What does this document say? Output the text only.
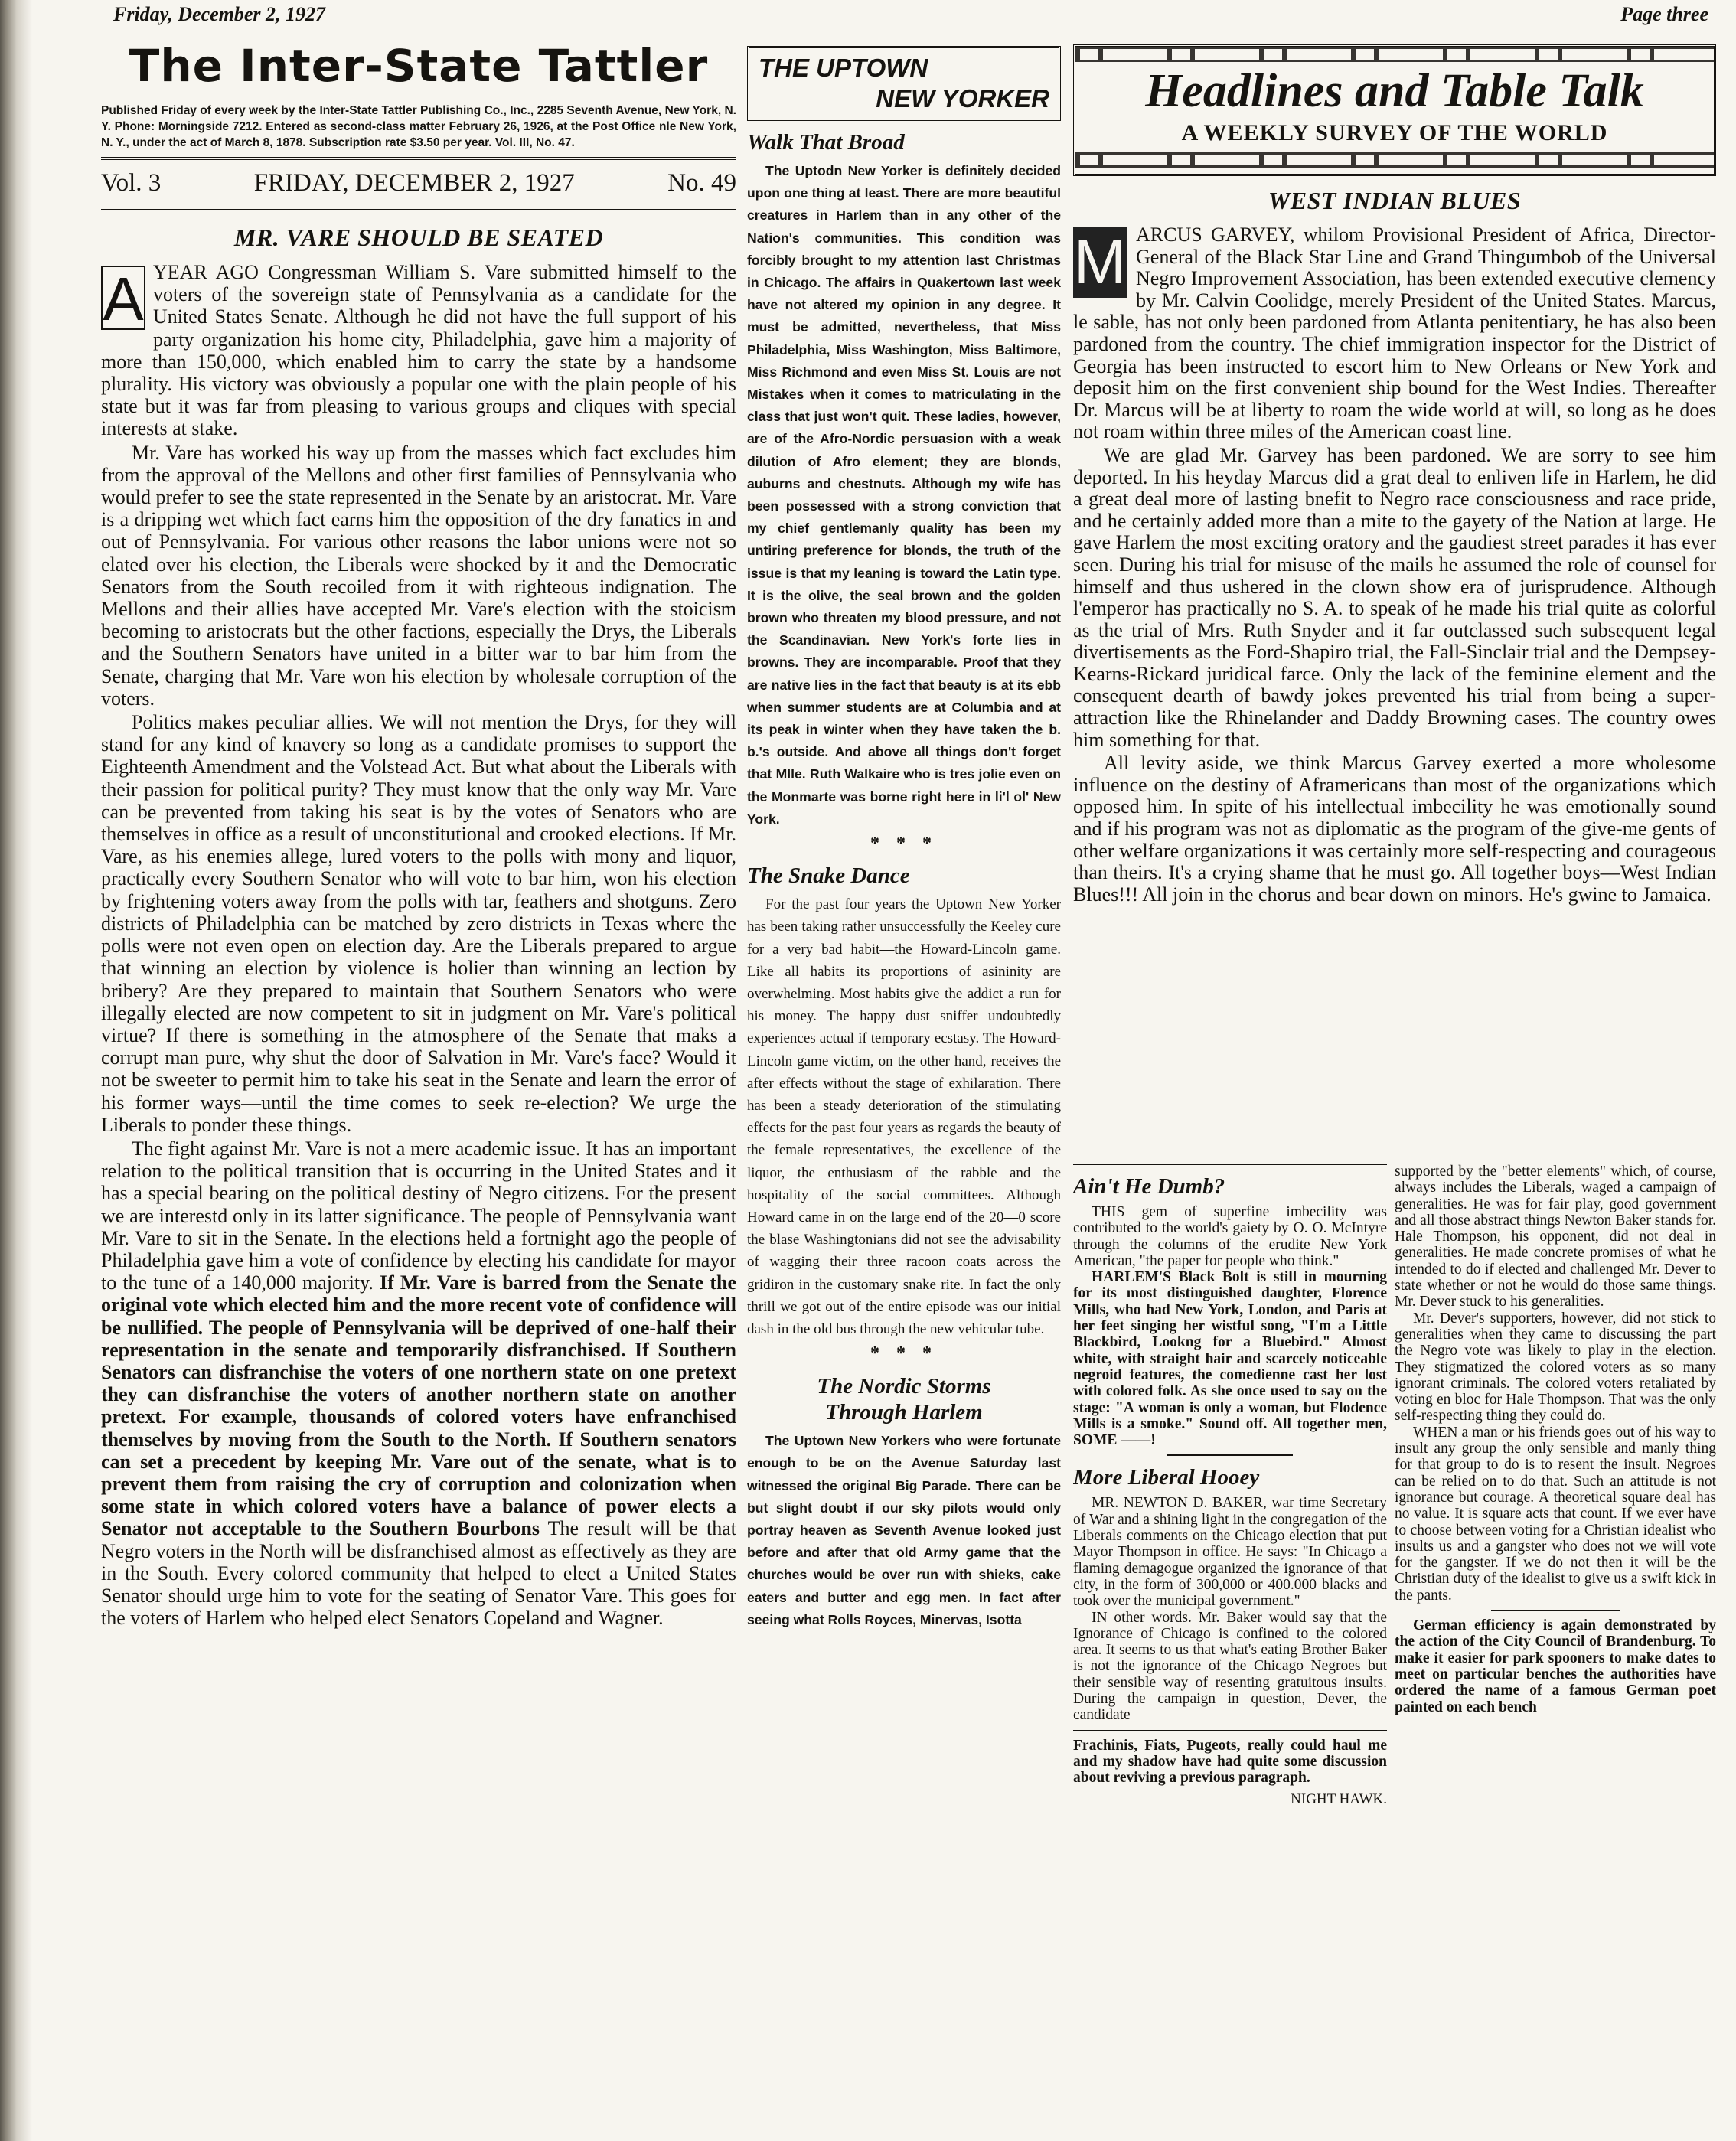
Friday, December 2, 1927	Page three
The Inter-State Tattler
Published Friday of every week by the Inter-State Tattler Publishing Co., Inc., 2285 Seventh Avenue, New York, N. Y. Phone: Morningside 7212. Entered as second-class matter February 26, 1926, at the Post Office nle New York, N. Y., under the act of March 8, 1878. Subscription rate $3.50 per year. Vol. III, No. 47.
Vol. 3	FRIDAY, DECEMBER 2, 1927	No. 49
MR. VARE SHOULD BE SEATED

A YEAR AGO Congressman William S. Vare submitted himself to the voters of the sovereign state of Pennsylvania as a candidate for the United States Senate. Although he did not have the full support of his party organization his home city, Philadelphia, gave him a majority of more than 150,000, which enabled him to carry the state by a handsome plurality. His victory was obviously a popular one with the plain people of his state but it was far from pleasing to various groups and cliques with special interests at stake.

Mr. Vare has worked his way up from the masses which fact excludes him from the approval of the Mellons and other first families of Pennsylvania who would prefer to see the state represented in the Senate by an aristocrat. Mr. Vare is a dripping wet which fact earns him the opposition of the dry fanatics in and out of Pennsylvania. For various other reasons the labor unions were not so elated over his election, the Liberals were shocked by it and the Democratic Senators from the South recoiled from it with righteous indignation. The Mellons and their allies have accepted Mr. Vare's election with the stoicism becoming to aristocrats but the other factions, especially the Drys, the Liberals and the Southern Senators have united in a bitter war to bar him from the Senate, charging that Mr. Vare won his election by wholesale corruption of the voters.

Politics makes peculiar allies. We will not mention the Drys, for they will stand for any kind of knavery so long as a candidate promises to support the Eighteenth Amendment and the Volstead Act. But what about the Liberals with their passion for political purity? They must know that the only way Mr. Vare can be prevented from taking his seat is by the votes of Senators who are themselves in office as a result of unconstitutional and crooked elections. If Mr. Vare, as his enemies allege, lured voters to the polls with mony and liquor, practically every Southern Senator who will vote to bar him, won his election by frightening voters away from the polls with tar, feathers and shotguns. Zero districts of Philadelphia can be matched by zero districts in Texas where the polls were not even open on election day. Are the Liberals prepared to argue that winning an election by violence is holier than winning an lection by bribery? Are they prepared to maintain that Southern Senators who were illegally elected are now competent to sit in judgment on Mr. Vare's political virtue? If there is something in the atmosphere of the Senate that maks a corrupt man pure, why shut the door of Salvation in Mr. Vare's face? Would it not be sweeter to permit him to take his seat in the Senate and learn the error of his former ways—until the time comes to seek re-election? We urge the Liberals to ponder these things.

The fight against Mr. Vare is not a mere academic issue. It has an important relation to the political transition that is occurring in the United States and it has a special bearing on the political destiny of Negro citizens. For the present we are interestd only in its latter significance. The people of Pennsylvania want Mr. Vare to sit in the Senate. In the elections held a fortnight ago the people of Philadelphia gave him a vote of confidence by electing his candidate for mayor to the tune of a 140,000 majority. If Mr. Vare is barred from the Senate the original vote which elected him and the more recent vote of confidence will be nullified. The people of Pennsylvania will be deprived of one-half their representation in the senate and temporarily disfranchised. If Southern Senators can disfranchise the voters of one northern state on one pretext they can disfranchise the voters of another northern state on another pretext. For example, thousands of colored voters have enfranchised themselves by moving from the South to the North. If Southern senators can set a precedent by keeping Mr. Vare out of the senate, what is to prevent them from raising the cry of corruption and colonization when some state in which colored voters have a balance of power elects a Senator not acceptable to the Southern Bourbons The result will be that Negro voters in the North will be disfranchised almost as effectively as they are in the South. Every colored community that helped to elect a United States Senator should urge him to vote for the seating of Senator Vare. This goes for the voters of Harlem who helped elect Senators Copeland and Wagner.

THE UPTOWN
NEW YORKER
Walk That Broad

The Uptodn New Yorker is definitely decided upon one thing at least. There are more beautiful creatures in Harlem than in any other of the Nation's communities. This condition was forcibly brought to my attention last Christmas in Chicago. The affairs in Quakertown last week have not altered my opinion in any degree. It must be admitted, nevertheless, that Miss Philadelphia, Miss Washington, Miss Baltimore, Miss Richmond and even Miss St. Louis are not Mistakes when it comes to matriculating in the class that just won't quit. These ladies, however, are of the Afro-Nordic persuasion with a weak dilution of Afro element; they are blonds, auburns and chestnuts. Although my wife has been possessed with a strong conviction that my chief gentlemanly quality has been my untiring preference for blonds, the truth of the issue is that my leaning is toward the Latin type. It is the olive, the seal brown and the golden brown who threaten my blood pressure, and not the Scandinavian. New York's forte lies in browns. They are incomparable. Proof that they are native lies in the fact that beauty is at its ebb when summer students are at Columbia and at its peak in winter when they have taken the b. b.'s outside. And above all things don't forget that Mlle. Ruth Walkaire who is tres jolie even on the Monmarte was borne right here in li'l ol' New York.

* * *
The Snake Dance

For the past four years the Uptown New Yorker has been taking rather unsuccessfully the Keeley cure for a very bad habit—the Howard-Lincoln game. Like all habits its proportions of asininity are overwhelming. Most habits give the addict a run for his money. The happy dust sniffer undoubtedly experiences actual if temporary ecstasy. The Howard-Lincoln game victim, on the other hand, receives the after effects without the stage of exhilaration. There has been a steady deterioration of the stimulating effects for the past four years as regards the beauty of the female representatives, the excellence of the liquor, the enthusiasm of the rabble and the hospitality of the social committees. Although Howard came in on the large end of the 20—0 score the blase Washingtonians did not see the advisability of wagging their three racoon coats across the gridiron in the customary snake rite. In fact the only thrill we got out of the entire episode was our initial dash in the old bus through the new vehicular tube.

* * *
The Nordic Storms
Through Harlem

The Uptown New Yorkers who were fortunate enough to be on the Avenue Saturday last witnessed the original Big Parade. There can be but slight doubt if our sky pilots would only portray heaven as Seventh Avenue looked just before and after that old Army game that the churches would be over run with shieks, cake eaters and butter and egg men. In fact after seeing what Rolls Royces, Minervas, Isotta

Headlines and Table Talk
A WEEKLY SURVEY OF THE WORLD
WEST INDIAN BLUES

M ARCUS GARVEY, whilom Provisional President of Africa, Director-General of the Black Star Line and Grand Thingumbob of the Universal Negro Improvement Association, has been extended executive clemency by Mr. Calvin Coolidge, merely President of the United States. Marcus, le sable, has not only been pardoned from Atlanta penitentiary, he has also been pardoned from the country. The chief immigration inspector for the District of Georgia has been instructed to escort him to New Orleans or New York and deposit him on the first convenient ship bound for the West Indies. Thereafter Dr. Marcus will be at liberty to roam the wide world at will, so long as he does not roam within three miles of the American coast line.

We are glad Mr. Garvey has been pardoned. We are sorry to see him deported. In his heyday Marcus did a grat deal to enliven life in Harlem, he did a great deal more of lasting bnefit to Negro race consciousness and race pride, and he certainly added more than a mite to the gayety of the Nation at large. He gave Harlem the most exciting oratory and the gaudiest street parades it has ever seen. During his trial for misuse of the mails he assumed the role of counsel for himself and thus ushered in the clown show era of jurisprudence. Although l'emperor has practically no S. A. to speak of he made his trial quite as colorful as the trial of Mrs. Ruth Snyder and it far outclassed such subsequent legal divertisements as the Ford-Shapiro trial, the Fall-Sinclair trial and the Dempsey-Kearns-Rickard juridical farce. Only the lack of the feminine element and the consequent dearth of bawdy jokes prevented his trial from being a super-attraction like the Rhinelander and Daddy Browning cases. The country owes him something for that.

All levity aside, we think Marcus Garvey exerted a more wholesome influence on the destiny of Aframericans than most of the organizations which opposed him. In spite of his intellectual imbecility he was emotionally sound and if his program was not as diplomatic as the program of the give-me gents of other welfare organizations it was certainly more self-respecting and courageous than theirs. It's a crying shame that he must go. All together boys—West Indian Blues!!! All join in the chorus and bear down on minors. He's gwine to Jamaica.

Ain't He Dumb?

THIS gem of superfine imbecility was contributed to the world's gaiety by O. O. McIntyre through the columns of the erudite New York American, "the paper for people who think."

HARLEM'S Black Bolt is still in mourning for its most distinguished daughter, Florence Mills, who had New York, London, and Paris at her feet singing her wistful song, "I'm a Little Blackbird, Lookng for a Bluebird." Almost white, with straight hair and scarcely noticeable negroid features, the comedienne cast her lost with colored folk. As she once used to say on the stage: "A woman is only a woman, but Flodence Mills is a smoke." Sound off. All together men, SOME ——!

More Liberal Hooey

MR. NEWTON D. BAKER, war time Secretary of War and a shining light in the congregation of the Liberals comments on the Chicago election that put Mayor Thompson in office. He says: "In Chicago a flaming demagogue organized the ignorance of that city, in the form of 300,000 or 400.000 blacks and took over the municipal government."

IN other words. Mr. Baker would say that the Ignorance of Chicago is confined to the colored area. It seems to us that what's eating Brother Baker is not the ignorance of the Chicago Negroes but their sensible way of resenting gratuitous insults. During the campaign in question, Dever, the candidate

Frachinis, Fiats, Pugeots, really could haul me and my shadow have had quite some discussion about reviving a previous paragraph.

NIGHT HAWK.

supported by the "better elements" which, of course, always includes the Liberals, waged a campaign of generalities. He was for fair play, good government and all those abstract things Newton Baker stands for. Hale Thompson, his opponent, did not deal in generalities. He made concrete promises of what he intended to do if elected and challenged Mr. Dever to state whether or not he would do those same things. Mr. Dever stuck to his generalities.

Mr. Dever's supporters, however, did not stick to generalities when they came to discussing the part the Negro vote was likely to play in the election. They stigmatized the colored voters as so many ignorant criminals. The colored voters retaliated by voting en bloc for Hale Thompson. That was the only self-respecting thing they could do.

WHEN a man or his friends goes out of his way to insult any group the only sensible and manly thing for that group to do is to resent the insult. Negroes can be relied on to do that. Such an attitude is not ignorance but courage. A theoretical square deal has no value. It is square acts that count. If we ever have to choose between voting for a Christian idealist who insults us and a gangster who does not we will vote for the gangster. If we do not then it will be the Christian duty of the idealist to give us a swift kick in the pants.

German efficiency is again demonstrated by the action of the City Council of Brandenburg. To make it easier for park spooners to make dates to meet on particular benches the authorities have ordered the name of a famous German poet painted on each bench
